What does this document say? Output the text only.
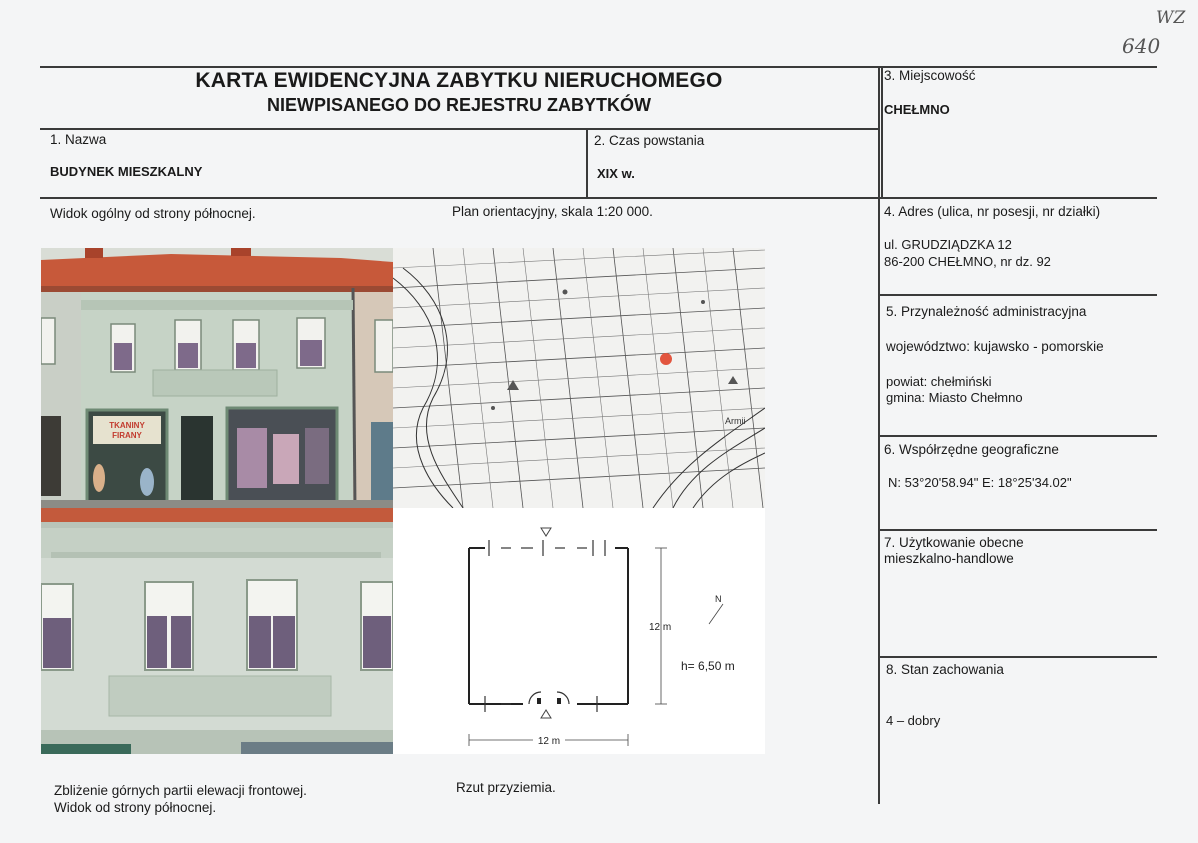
WZ
640
KARTA EWIDENCYJNA ZABYTKU NIERUCHOMEGO
NIEWPISANEGO DO REJESTRU ZABYTKÓW
1. Nazwa
BUDYNEK MIESZKALNY
2. Czas powstania
XIX w.
3. Miejscowość
CHEŁMNO
4. Adres (ulica, nr posesji, nr działki)
ul. GRUDZIĄDZKA 12
86-200 CHEŁMNO, nr dz. 92
5. Przynależność administracyjna
województwo: kujawsko - pomorskie
powiat: chełmiński
gmina: Miasto Chełmno
6. Współrzędne geograficzne
N: 53°20'58.94" E: 18°25'34.02"
7. Użytkowanie obecne
mieszkalno-handlowe
8. Stan zachowania
4 – dobry
Widok ogólny od strony północnej.	Plan orientacyjny, skala 1:20 000.
Zbliżenie górnych partii elewacji frontowej.
Widok od strony północnej.
Rzut przyziemia.
TKANINY
FIRANY
Armii
12 m
12 m
h= 6,50 m
N
